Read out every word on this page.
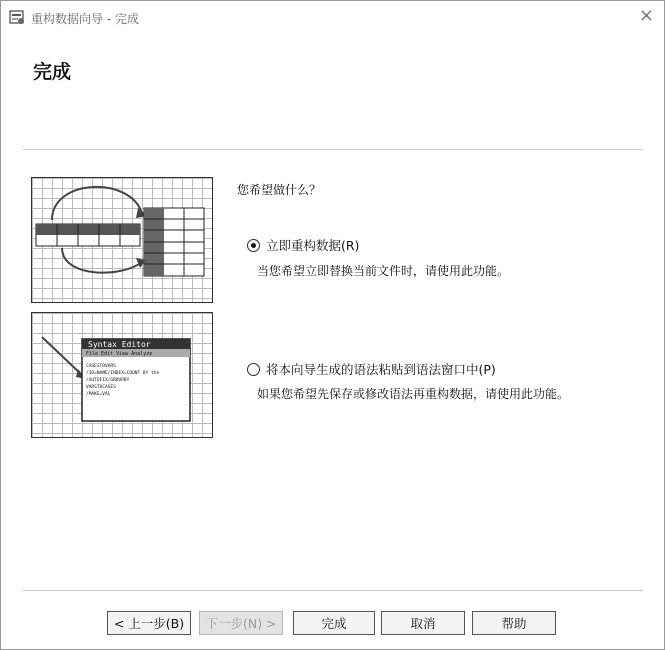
重构数据向导 - 完成	×
完成
Syntax Editor
File Edit View Analyze
CASESTOVARS
/ID=NAME/INDEX=COUNT BY the
/AUTOFIX/GROUPBY
VARSTOCASES
/MAKE=VAL
您希望做什么？
立即重构数据(R)
当您希望立即替换当前文件时，请使用此功能。
将本向导生成的语法粘贴到语法窗口中(P)
如果您希望先保存或修改语法再重构数据，请使用此功能。
< 上一步(B)	下一步(N) >	完成	取消	帮助
